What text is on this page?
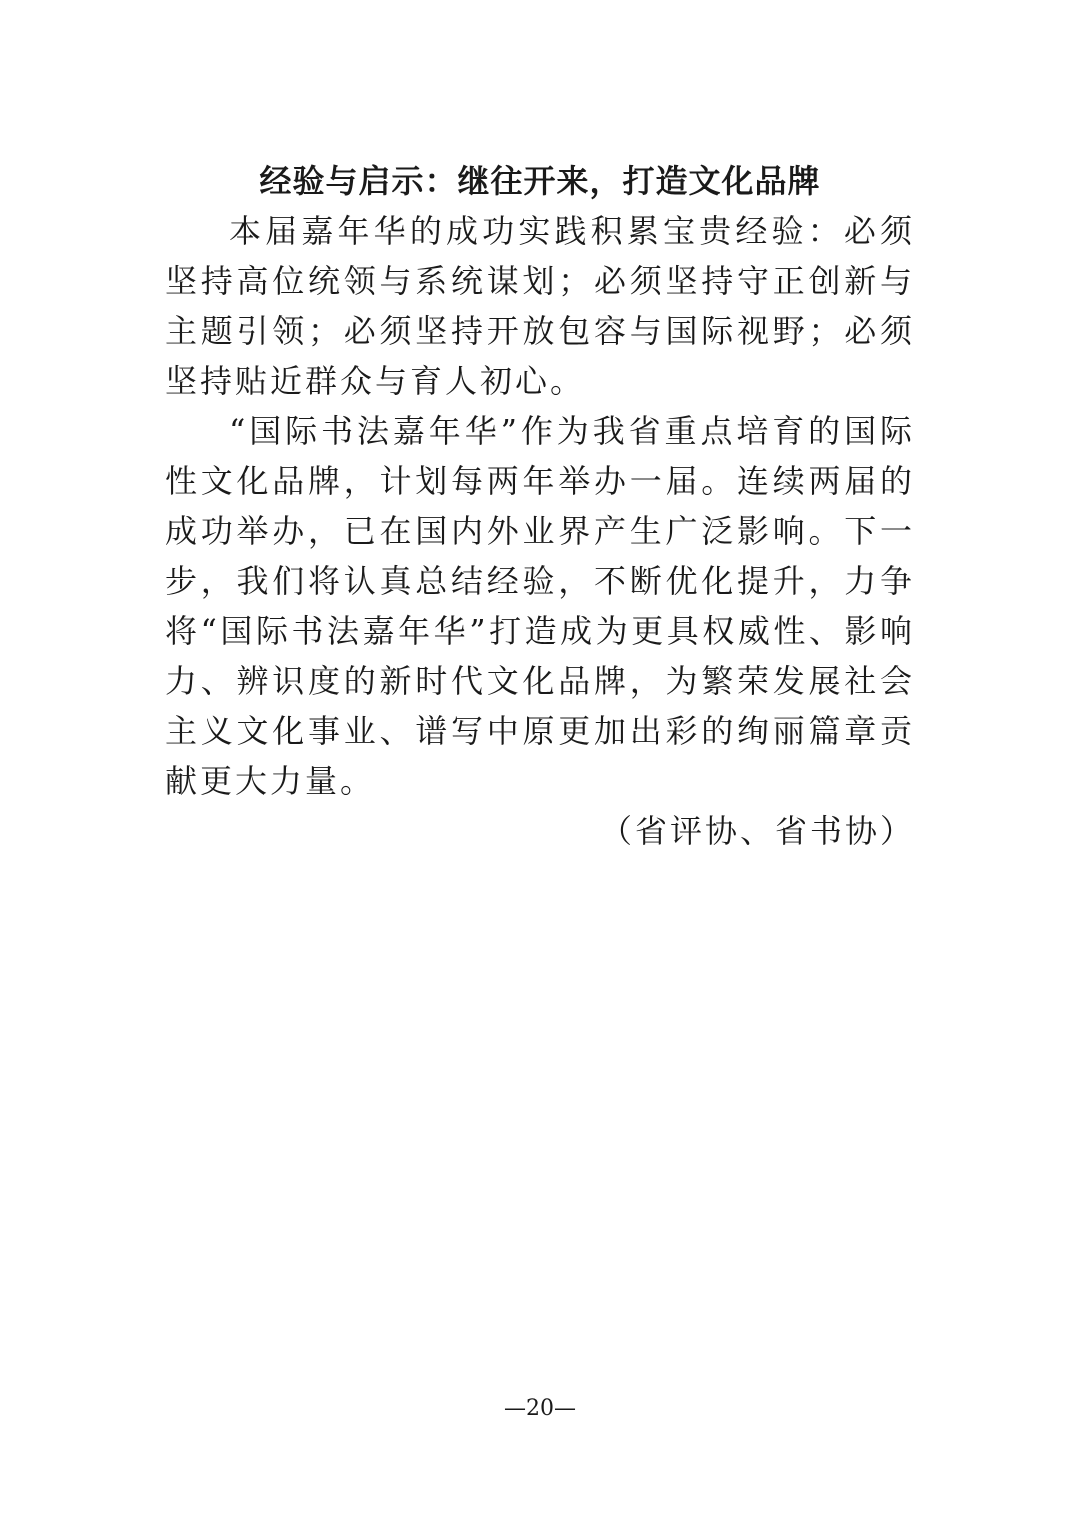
经验与启示：继往开来，打造文化品牌

本届嘉年华的成功实践积累宝贵经验：必须坚持高位统领与系统谋划；必须坚持守正创新与主题引领；必须坚持开放包容与国际视野；必须坚持贴近群众与育人初心。

“国际书法嘉年华”作为我省重点培育的国际性文化品牌，计划每两年举办一届。连续两届的成功举办，已在国内外业界产生广泛影响。下一步，我们将认真总结经验，不断优化提升，力争将“国际书法嘉年华”打造成为更具权威性、影响力、辨识度的新时代文化品牌，为繁荣发展社会主义文化事业、谱写中原更加出彩的绚丽篇章贡献更大力量。

（省评协、省书协）

—20—
